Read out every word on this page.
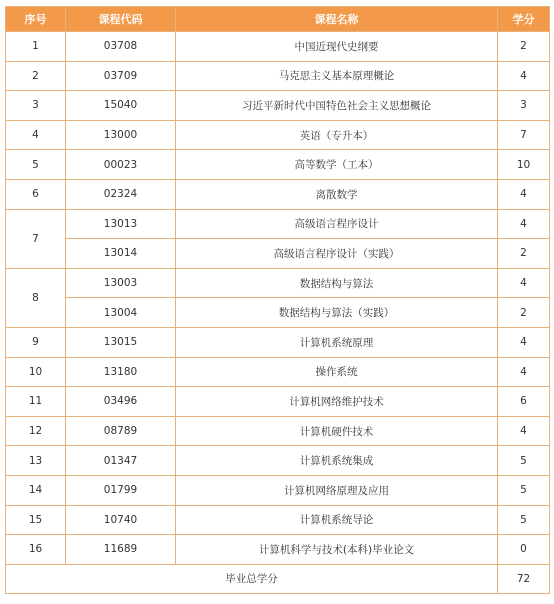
序号	课程代码	课程名称	学分
1	03708	中国近现代史纲要	2
2	03709	马克思主义基本原理概论	4
3	15040	习近平新时代中国特色社会主义思想概论	3
4	13000	英语（专升本）	7
5	00023	高等数学（工本）	10
6	02324	离散数学	4
7	13013	高级语言程序设计	4
	13014	高级语言程序设计（实践）	2
8	13003	数据结构与算法	4
	13004	数据结构与算法（实践）	2
9	13015	计算机系统原理	4
10	13180	操作系统	4
11	03496	计算机网络维护技术	6
12	08789	计算机硬件技术	4
13	01347	计算机系统集成	5
14	01799	计算机网络原理及应用	5
15	10740	计算机系统导论	5
16	11689	计算机科学与技术(本科)毕业论文	0
毕业总学分			72
